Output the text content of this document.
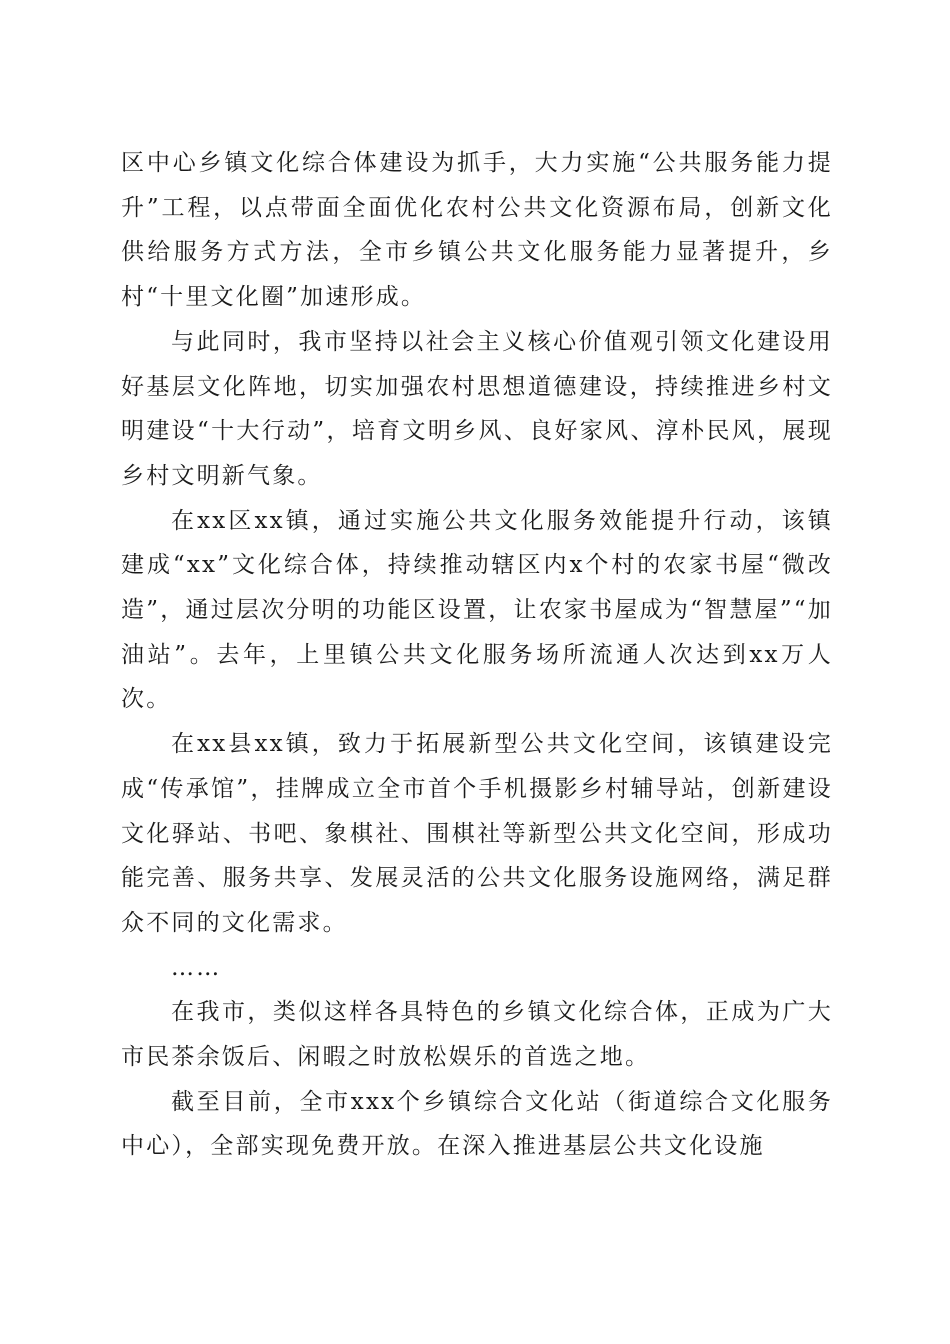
区中心乡镇文化综合体建设为抓手，大力实施“公共服务能力提升”工程，以点带面全面优化农村公共文化资源布局，创新文化供给服务方式方法，全市乡镇公共文化服务能力显著提升，乡村“十里文化圈”加速形成。

与此同时，我市坚持以社会主义核心价值观引领文化建设用好基层文化阵地，切实加强农村思想道德建设，持续推进乡村文明建设“十大行动”，培育文明乡风、良好家风、淳朴民风，展现乡村文明新气象。

在xx区xx镇，通过实施公共文化服务效能提升行动，该镇建成“xx”文化综合体，持续推动辖区内x个村的农家书屋“微改造”，通过层次分明的功能区设置，让农家书屋成为“智慧屋”“加油站”。去年，上里镇公共文化服务场所流通人次达到xx万人次。

在xx县xx镇，致力于拓展新型公共文化空间，该镇建设完成“传承馆”，挂牌成立全市首个手机摄影乡村辅导站，创新建设文化驿站、书吧、象棋社、围棋社等新型公共文化空间，形成功能完善、服务共享、发展灵活的公共文化服务设施网络，满足群众不同的文化需求。

……

在我市，类似这样各具特色的乡镇文化综合体，正成为广大市民茶余饭后、闲暇之时放松娱乐的首选之地。

截至目前，全市xxx个乡镇综合文化站（街道综合文化服务中心），全部实现免费开放。在深入推进基层公共文化设施
